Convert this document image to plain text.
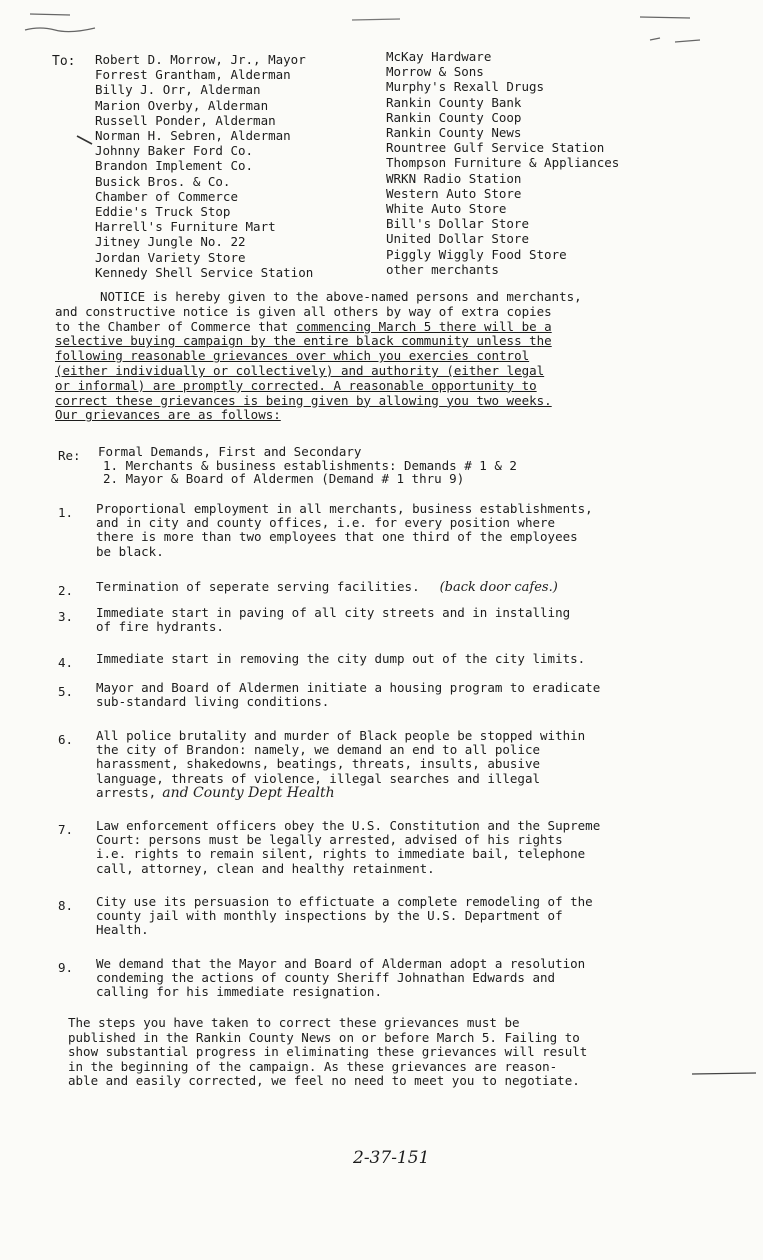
To: Robert D. Morrow, Jr., Mayor
Forrest Grantham, Alderman
Billy J. Orr, Alderman
Marion Overby, Alderman
Russell Ponder, Alderman
Norman H. Sebren, Alderman
Johnny Baker Ford Co.
Brandon Implement Co.
Busick Bros. & Co.
Chamber of Commerce
Eddie's Truck Stop
Harrell's Furniture Mart
Jitney Jungle No. 22
Jordan Variety Store
Kennedy Shell Service Station
McKay Hardware
Morrow & Sons
Murphy's Rexall Drugs
Rankin County Bank
Rankin County Coop
Rankin County News
Rountree Gulf Service Station
Thompson Furniture & Appliances
WRKN Radio Station
Western Auto Store
White Auto Store
Bill's Dollar Store
United Dollar Store
Piggly Wiggly Food Store
other merchants
NOTICE is hereby given to the above-named persons and merchants,
and constructive notice is given all others by way of extra copies
to the Chamber of Commerce that commencing March 5 there will be a
selective buying campaign by the entire black community unless the
following reasonable grievances over which you exercies control
(either individually or collectively) and authority (either legal
or informal) are promptly corrected. A reasonable opportunity to
correct these grievances is being given by allowing you two weeks.
Our grievances are as follows:
Re: Formal Demands, First and Secondary
1. Merchants & business establishments: Demands # 1 & 2
2. Mayor & Board of Aldermen (Demand # 1 thru 9)
1. Proportional employment in all merchants, business establishments,
and in city and county offices, i.e. for every position where
there is more than two employees that one third of the employees
be black.
2. Termination of seperate serving facilities. (back door cafes.)
3. Immediate start in paving of all city streets and in installing
of fire hydrants.
4. Immediate start in removing the city dump out of the city limits.
5. Mayor and Board of Aldermen initiate a housing program to eradicate
sub-standard living conditions.
6. All police brutality and murder of Black people be stopped within
the city of Brandon: namely, we demand an end to all police
harassment, shakedowns, beatings, threats, insults, abusive
language, threats of violence, illegal searches and illegal
arrests, and County Dept Health
7. Law enforcement officers obey the U.S. Constitution and the Supreme
Court: persons must be legally arrested, advised of his rights
i.e. rights to remain silent, rights to immediate bail, telephone
call, attorney, clean and healthy retainment.
8. City use its persuasion to effictuate a complete remodeling of the
county jail with monthly inspections by the U.S. Department of
Health.
9. We demand that the Mayor and Board of Alderman adopt a resolution
condeming the actions of county Sheriff Johnathan Edwards and
calling for his immediate resignation.
The steps you have taken to correct these grievances must be
published in the Rankin County News on or before March 5. Failing to
show substantial progress in eliminating these grievances will result
in the beginning of the campaign. As these grievances are reason-
able and easily corrected, we feel no need to meet you to negotiate.
2-37-151
